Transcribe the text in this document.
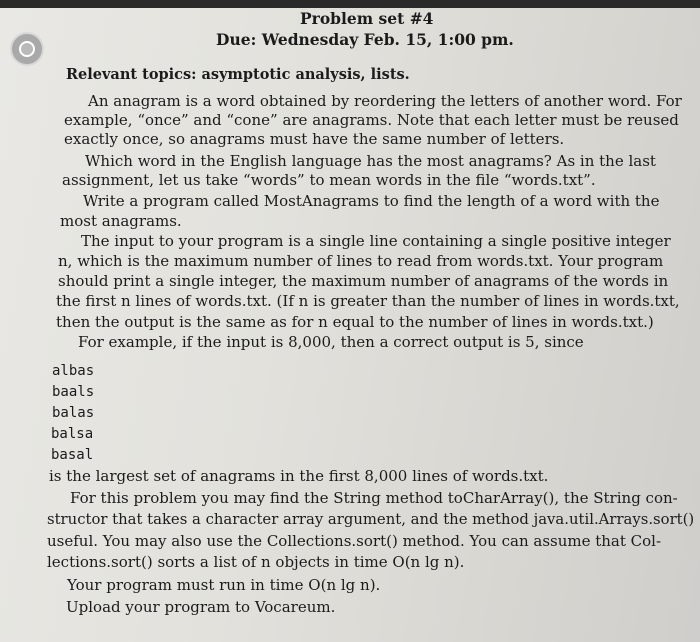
Problem set #4
Due: Wednesday Feb. 15, 1:00 pm.
Relevant topics: asymptotic analysis, lists.
An anagram is a word obtained by reordering the letters of another word. For
example, “once” and “cone” are anagrams. Note that each letter must be reused
exactly once, so anagrams must have the same number of letters.
Which word in the English language has the most anagrams? As in the last
assignment, let us take “words” to mean words in the file “words.txt”.
Write a program called MostAnagrams to find the length of a word with the
most anagrams.
The input to your program is a single line containing a single positive integer
n, which is the maximum number of lines to read from words.txt. Your program
should print a single integer, the maximum number of anagrams of the words in
the first n lines of words.txt. (If n is greater than the number of lines in words.txt,
then the output is the same as for n equal to the number of lines in words.txt.)
For example, if the input is 8,000, then a correct output is 5, since
albas
baals
balas
balsa
basal
is the largest set of anagrams in the first 8,000 lines of words.txt.
For this problem you may find the String method toCharArray(), the String con-
structor that takes a character array argument, and the method java.util.Arrays.sort()
useful. You may also use the Collections.sort() method. You can assume that Col-
lections.sort() sorts a list of n objects in time O(n lg n).
Your program must run in time O(n lg n).
Upload your program to Vocareum.
